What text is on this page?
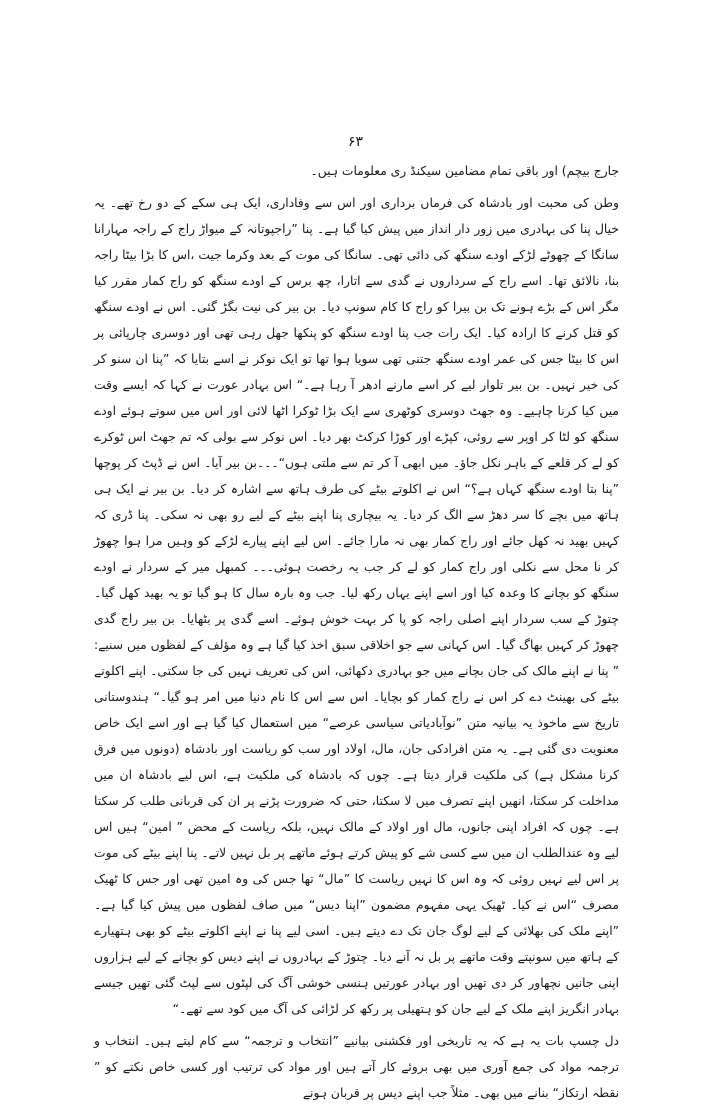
۶۳

جارج بیچم) اور باقی تمام مضامین سیکنڈ ری معلومات ہیں۔

وطن کی محبت اور بادشاہ کی فرماں برداری اور اس سے وفاداری، ایک ہی سکے کے دو رخ تھے۔ یہ خیال پنا کی بہادری میں زور دار انداز میں پیش کیا گیا ہے۔ پنا ”راجپوتانہ کے میواڑ راج کے راجہ مہارانا سانگا کے چھوٹے لڑکے اودے سنگھ کی دائی تھی۔ سانگا کی موت کے بعد وکرما جیت ،اس کا بڑا بیٹا راجہ بنا، نالائق تھا۔ اسے راج کے سرداروں نے گدی سے اتارا، چھ برس کے اودے سنگھ کو راج کمار مقرر کیا مگر اس کے بڑے ہونے تک بن بیرا کو راج کا کام سونپ دیا۔ بن بیر کی نیت بگڑ گئی۔ اس نے اودے سنگھ کو قتل کرنے کا ارادہ کیا۔ ایک رات جب پنا اودے سنگھ کو پنکھا جھل رہی تھی اور دوسری چارپائی پر اس کا بیٹا جس کی عمر اودے سنگھ جتنی تھی سویا ہوا تھا تو ایک نوکر نے اسے بتایا کہ ”پنا ان سنو کر کی خیر نہیں۔ بن بیر تلوار لیے کر اسے مارنے ادھر آ رہا ہے۔“ اس بہادر عورت نے کہا کہ ایسے وقت میں کیا کرنا چاہیے۔ وہ جھٹ دوسری کوٹھری سے ایک بڑا ٹوکرا اٹھا لائی اور اس میں سوتے ہوئے اودے سنگھ کو لٹا کر اوپر سے روئی، کپڑے اور کوڑا کرکٹ بھر دیا۔ اس نوکر سے بولی کہ تم جھٹ اس ٹوکرے کو لے کر قلعے کے باہر نکل جاؤ۔ میں ابھی آ کر تم سے ملتی ہوں“۔۔۔بن بیر آیا۔ اس نے ڈپٹ کر پوچھا ”پنا بتا اودے سنگھ کہاں ہے؟“ اس نے اکلوتے بیٹے کی طرف ہاتھ سے اشارہ کر دیا۔ بن بیر نے ایک ہی ہاتھ میں بچے کا سر دھڑ سے الگ کر دیا۔ یہ بیچاری پنا اپنے بیٹے کے لیے رو بھی نہ سکی۔ پنا ڈری کہ کہیں بھید نہ کھل جائے اور راج کمار بھی نہ مارا جائے۔ اس لیے اپنے پیارے لڑکے کو وہیں مرا ہوا چھوڑ کر نا محل سے نکلی اور راج کمار کو لے کر جب یہ رخصت ہوئی۔۔۔ کمبھل میر کے سردار نے اودے سنگھ کو بچانے کا وعدہ کیا اور اسے اپنے یہاں رکھ لیا۔ جب وہ بارہ سال کا ہو گیا تو یہ بھید کھل گیا۔ چتوڑ کے سب سردار اپنے اصلی راجہ کو پا کر بہت خوش ہوئے۔ اسے گدی پر بٹھایا۔ بن بیر راج گدی چھوڑ کر کہیں بھاگ گیا۔ اس کہانی سے جو اخلاقی سبق اخذ کیا گیا ہے وہ مؤلف کے لفظوں میں سنیے: ” پنا نے اپنے مالک کی جان بچانے میں جو بہادری دکھائی، اس کی تعریف نہیں کی جا سکتی۔ اپنے اکلوتے بیٹے کی بھینٹ دے کر اس نے راج کمار کو بچایا۔ اس سے اس کا نام دنیا میں امر ہو گیا۔“ ہندوستانی تاریخ سے ماخوذ یہ بیانیہ متن ”نوآبادیاتی سیاسی عرصے“ میں استعمال کیا گیا ہے اور اسے ایک خاص معنویت دی گئی ہے۔ یہ متن افرادکی جان، مال، اولاد اور سب کو ریاست اور بادشاہ (دونوں میں فرق کرنا مشکل ہے) کی ملکیت قرار دیتا ہے۔ چوں کہ بادشاہ کی ملکیت ہے، اس لیے بادشاہ ان میں مداخلت کر سکتا، انھیں اپنے تصرف میں لا سکتا، حتی کہ ضرورت پڑنے پر ان کی قربانی طلب کر سکتا ہے۔ چوں کہ افراد اپنی جانوں، مال اور اولاد کے مالک نہیں، بلکہ ریاست کے محض ” امین“ ہیں اس لیے وہ عندالطلب ان میں سے کسی شے کو پیش کرتے ہوئے ماتھے پر بل نہیں لاتے۔ پنا اپنے بیٹے کی موت پر اس لیے نہیں روئی کہ وہ اس کا نہیں ریاست کا ”مال“ تھا جس کی وہ امین تھی اور جس کا ٹھیک مصرف “اس نے کیا۔ ٹھیک یہی مفہوم مضمون ”اپنا دیس“ میں صاف لفظوں میں پیش کیا گیا ہے۔ ”اپنے ملک کی بھلائی کے لیے لوگ جان تک دے دیتے ہیں۔ اسی لیے پنا نے اپنے اکلوتے بیٹے کو بھی ہتھیارے کے ہاتھ میں سونپتے وقت ماتھے پر بل نہ آنے دیا۔ چتوڑ کے بہادروں نے اپنے دیس کو بچانے کے لیے ہزاروں اپنی جانیں نچھاور کر دی تھیں اور بہادر عورتیں ہنسی خوشی آگ کی لپٹوں سے لپٹ گئی تھیں جیسے بہادر انگریز اپنے ملک کے لیے جان کو ہتھیلی پر رکھ کر لڑائی کی آگ میں کود سے تھے۔“

دل چسپ بات یہ ہے کہ یہ تاریخی اور فکشنی بیانیے ”انتخاب و ترجمہ“ سے کام لیتے ہیں۔ انتخاب و ترجمہ مواد کی جمع آوری میں بھی بروئے کار آتے ہیں اور مواد کی ترتیب اور کسی خاص نکتے کو ” نقطہ ارتکاز“ بنانے میں بھی۔ مثلاً جب اپنے دیس پر قربان ہونے
